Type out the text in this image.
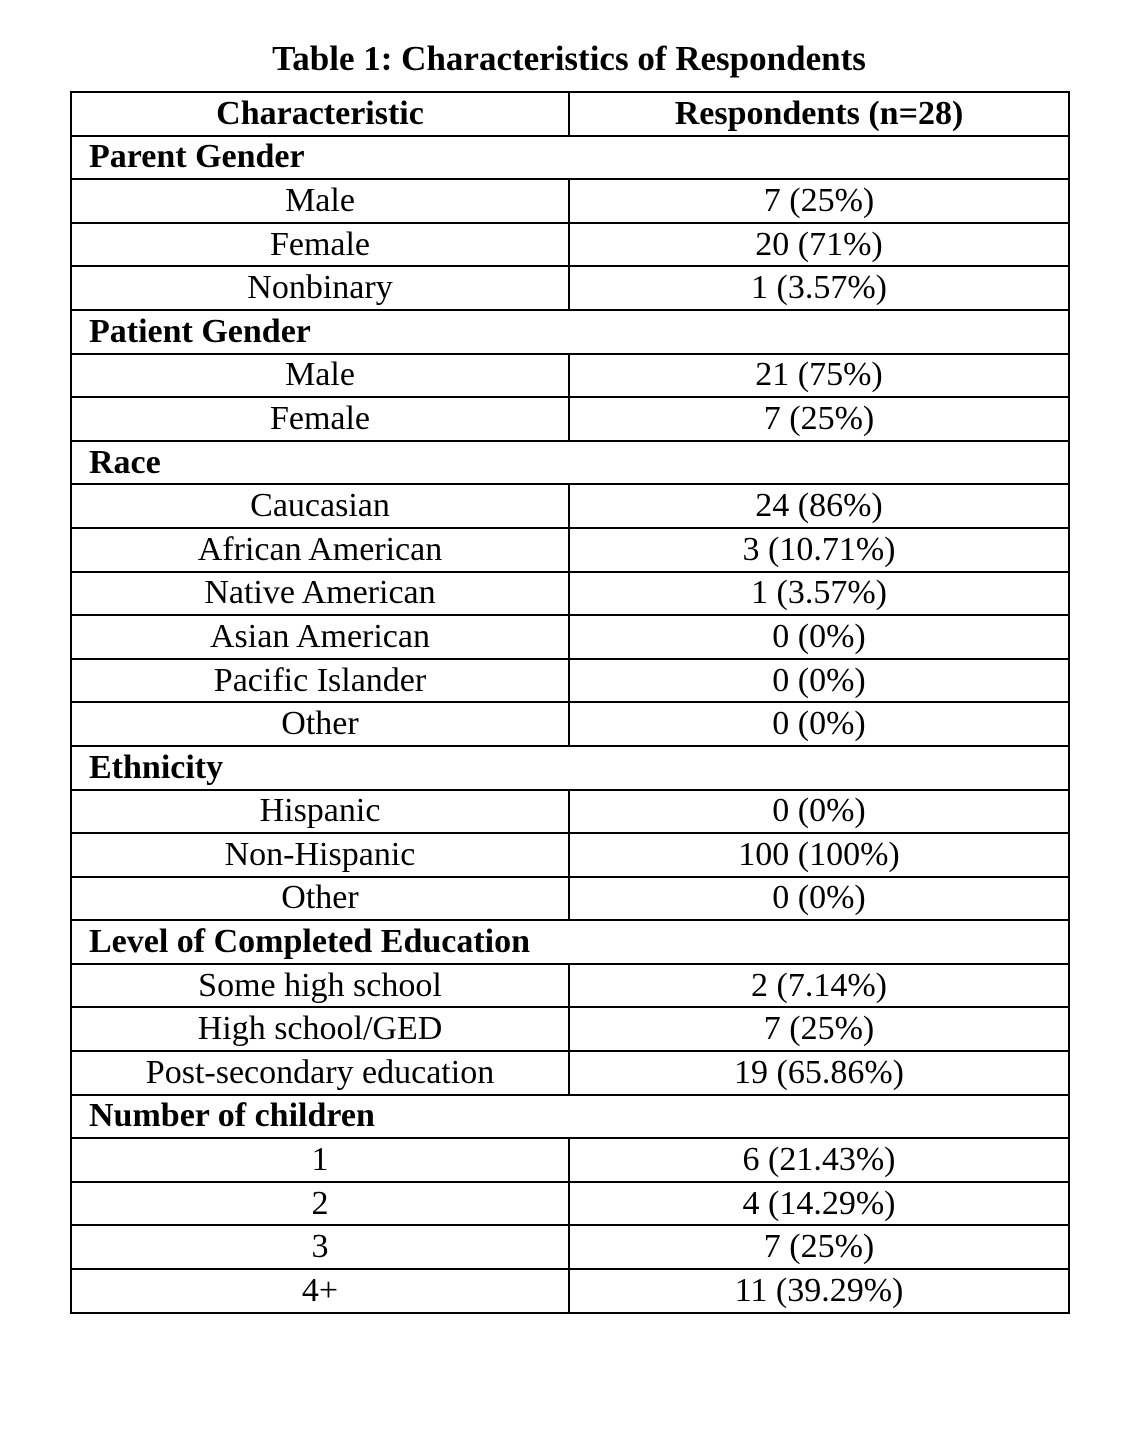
Table 1: Characteristics of Respondents
Characteristic	Respondents (n=28)
Parent Gender	
Male	7 (25%)
Female	20 (71%)
Nonbinary	1 (3.57%)
Patient Gender	
Male	21 (75%)
Female	7 (25%)
Race	
Caucasian	24 (86%)
African American	3 (10.71%)
Native American	1 (3.57%)
Asian American	0 (0%)
Pacific Islander	0 (0%)
Other	0 (0%)
Ethnicity	
Hispanic	0 (0%)
Non-Hispanic	100 (100%)
Other	0 (0%)
Level of Completed Education	
Some high school	2 (7.14%)
High school/GED	7 (25%)
Post-secondary education	19 (65.86%)
Number of children	
1	6 (21.43%)
2	4 (14.29%)
3	7 (25%)
4+	11 (39.29%)
